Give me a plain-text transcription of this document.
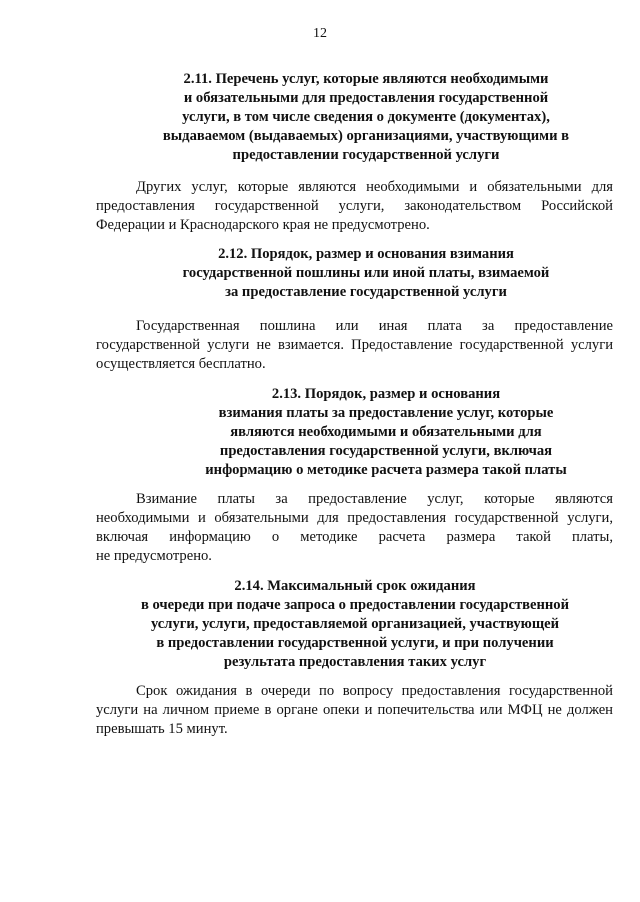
12
2.11. Перечень услуг, которые являются необходимыми
и обязательными для предоставления государственной
услуги, в том числе сведения о документе (документах),
выдаваемом (выдаваемых) организациями, участвующими в
предоставлении государственной услуги
Других услуг, которые являются необходимыми и обязательными для
предоставления государственной услуги, законодательством Российской
Федерации и Краснодарского края не предусмотрено.
2.12. Порядок, размер и основания взимания
государственной пошлины или иной платы, взимаемой
за предоставление государственной услуги
Государственная пошлина или иная плата за предоставление
государственной услуги не взимается. Предоставление государственной услуги
осуществляется бесплатно.
2.13. Порядок, размер и основания
взимания платы за предоставление услуг, которые
являются необходимыми и обязательными для
предоставления государственной услуги, включая
информацию о методике расчета размера такой платы
Взимание платы за предоставление услуг, которые являются
необходимыми и обязательными для предоставления государственной услуги,
включая информацию о методике расчета размера такой платы,
не предусмотрено.
2.14. Максимальный срок ожидания
в очереди при подаче запроса о предоставлении государственной
услуги, услуги, предоставляемой организацией, участвующей
в предоставлении государственной услуги, и при получении
результата предоставления таких услуг
Срок ожидания в очереди по вопросу предоставления государственной
услуги на личном приеме в органе опеки и попечительства или МФЦ не должен
превышать 15 минут.
